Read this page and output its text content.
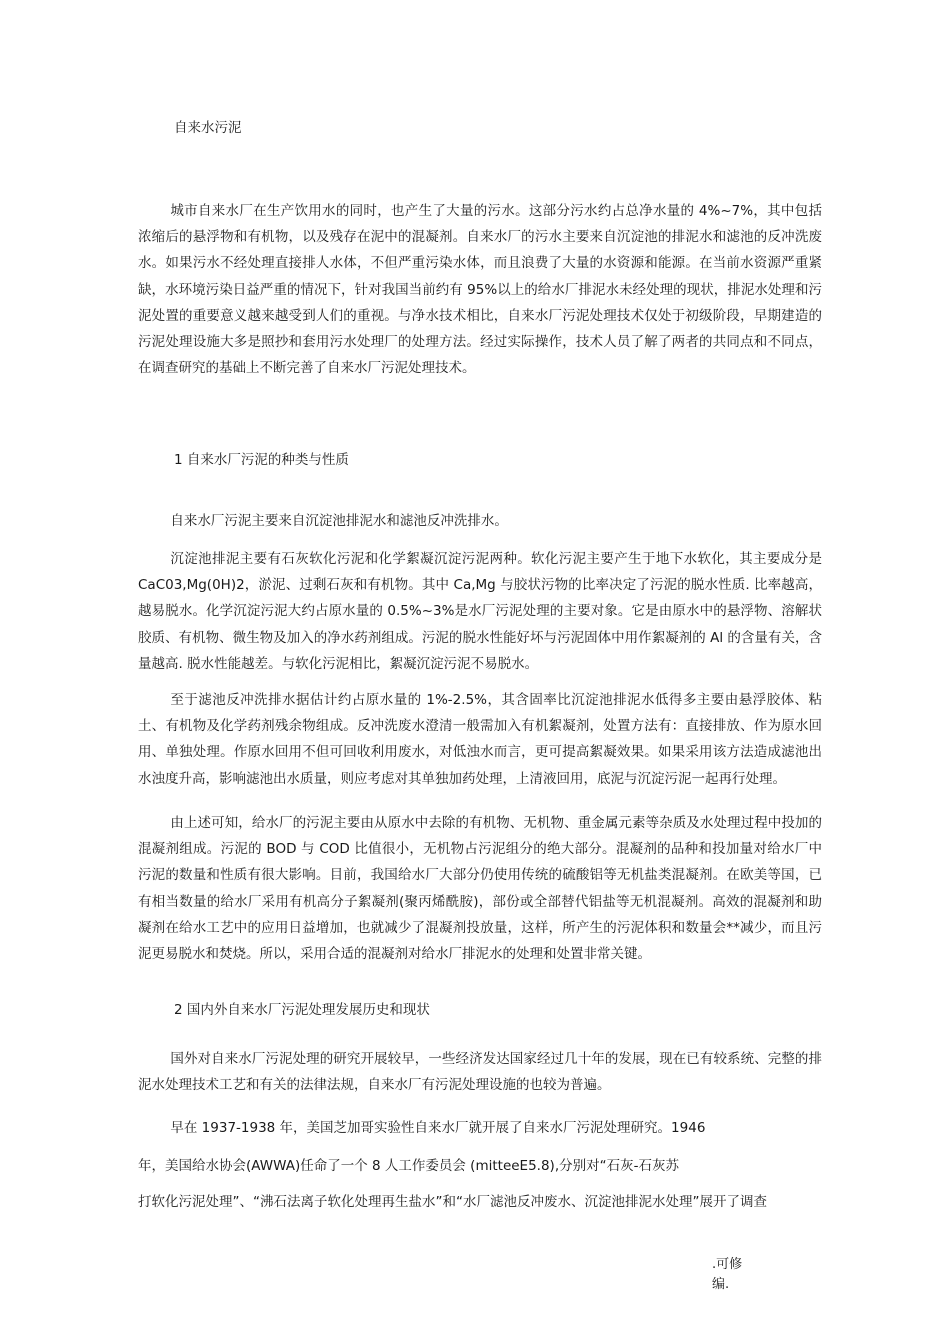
自来水污泥

城市自来水厂在生产饮用水的同时，也产生了大量的污水。这部分污水约占总净水量的 4%~7%，其中包括浓缩后的悬浮物和有机物，以及残存在泥中的混凝剂。自来水厂的污水主要来自沉淀池的排泥水和滤池的反冲洗废水。如果污水不经处理直接排人水体，不但严重污染水体，而且浪费了大量的水资源和能源。在当前水资源严重紧缺，水环境污染日益严重的情况下，针对我国当前约有 95%以上的给水厂排泥水未经处理的现状，排泥水处理和污泥处置的重要意义越来越受到人们的重视。与净水技术相比，自来水厂污泥处理技术仅处于初级阶段，早期建造的污泥处理设施大多是照抄和套用污水处理厂的处理方法。经过实际操作，技术人员了解了两者的共同点和不同点，在调查研究的基础上不断完善了自来水厂污泥处理技术。

1 自来水厂污泥的种类与性质

自来水厂污泥主要来自沉淀池排泥水和滤池反冲洗排水。

沉淀池排泥主要有石灰软化污泥和化学絮凝沉淀污泥两种。软化污泥主要产生于地下水软化，其主要成分是 CaC03,Mg(0H)2，淤泥、过剩石灰和有机物。其中 Ca,Mg 与胶状污物的比率决定了污泥的脱水性质. 比率越高，越易脱水。化学沉淀污泥大约占原水量的 0.5%~3%是水厂污泥处理的主要对象。它是由原水中的悬浮物、溶解状胶质、有机物、微生物及加入的净水药剂组成。污泥的脱水性能好坏与污泥固体中用作絮凝剂的 Al 的含量有关，含量越高. 脱水性能越差。与软化污泥相比，絮凝沉淀污泥不易脱水。

至于滤池反冲洗排水据估计约占原水量的 1%-2.5%，其含固率比沉淀池排泥水低得多主要由悬浮胶体、粘土、有机物及化学药剂残余物组成。反冲洗废水澄清一般需加入有机絮凝剂，处置方法有：直接排放、作为原水回用、单独处理。作原水回用不但可回收利用废水，对低浊水而言，更可提高絮凝效果。如果采用该方法造成滤池出水浊度升高，影响滤池出水质量，则应考虑对其单独加药处理，上清液回用，底泥与沉淀污泥一起再行处理。

由上述可知，给水厂的污泥主要由从原水中去除的有机物、无机物、重金属元素等杂质及水处理过程中投加的混凝剂组成。污泥的 BOD 与 COD 比值很小，无机物占污泥组分的绝大部分。混凝剂的品种和投加量对给水厂中污泥的数量和性质有很大影响。目前，我国给水厂大部分仍使用传统的硫酸铝等无机盐类混凝剂。在欧美等国，已有相当数量的给水厂采用有机高分子絮凝剂(聚丙烯酰胺)，部份或全部替代铝盐等无机混凝剂。高效的混凝剂和助凝剂在给水工艺中的应用日益增加，也就减少了混凝剂投放量，这样，所产生的污泥体积和数量会**减少，而且污泥更易脱水和焚烧。所以，采用合适的混凝剂对给水厂排泥水的处理和处置非常关键。

2 国内外自来水厂污泥处理发展历史和现状

国外对自来水厂污泥处理的研究开展较早，一些经济发达国家经过几十年的发展，现在已有较系统、完整的排泥水处理技术工艺和有关的法律法规，自来水厂有污泥处理设施的也较为普遍。

早在 1937-1938 年，美国芝加哥实验性自来水厂就开展了自来水厂污泥处理研究。1946

年，美国给水协会(AWWA)任命了一个 8 人工作委员会 (mitteeE5.8),分别对“石灰-石灰苏

打软化污泥处理”、“沸石法离子软化处理再生盐水”和“水厂滤池反冲废水、沉淀池排泥水处理”展开了调查

.可修

编.
